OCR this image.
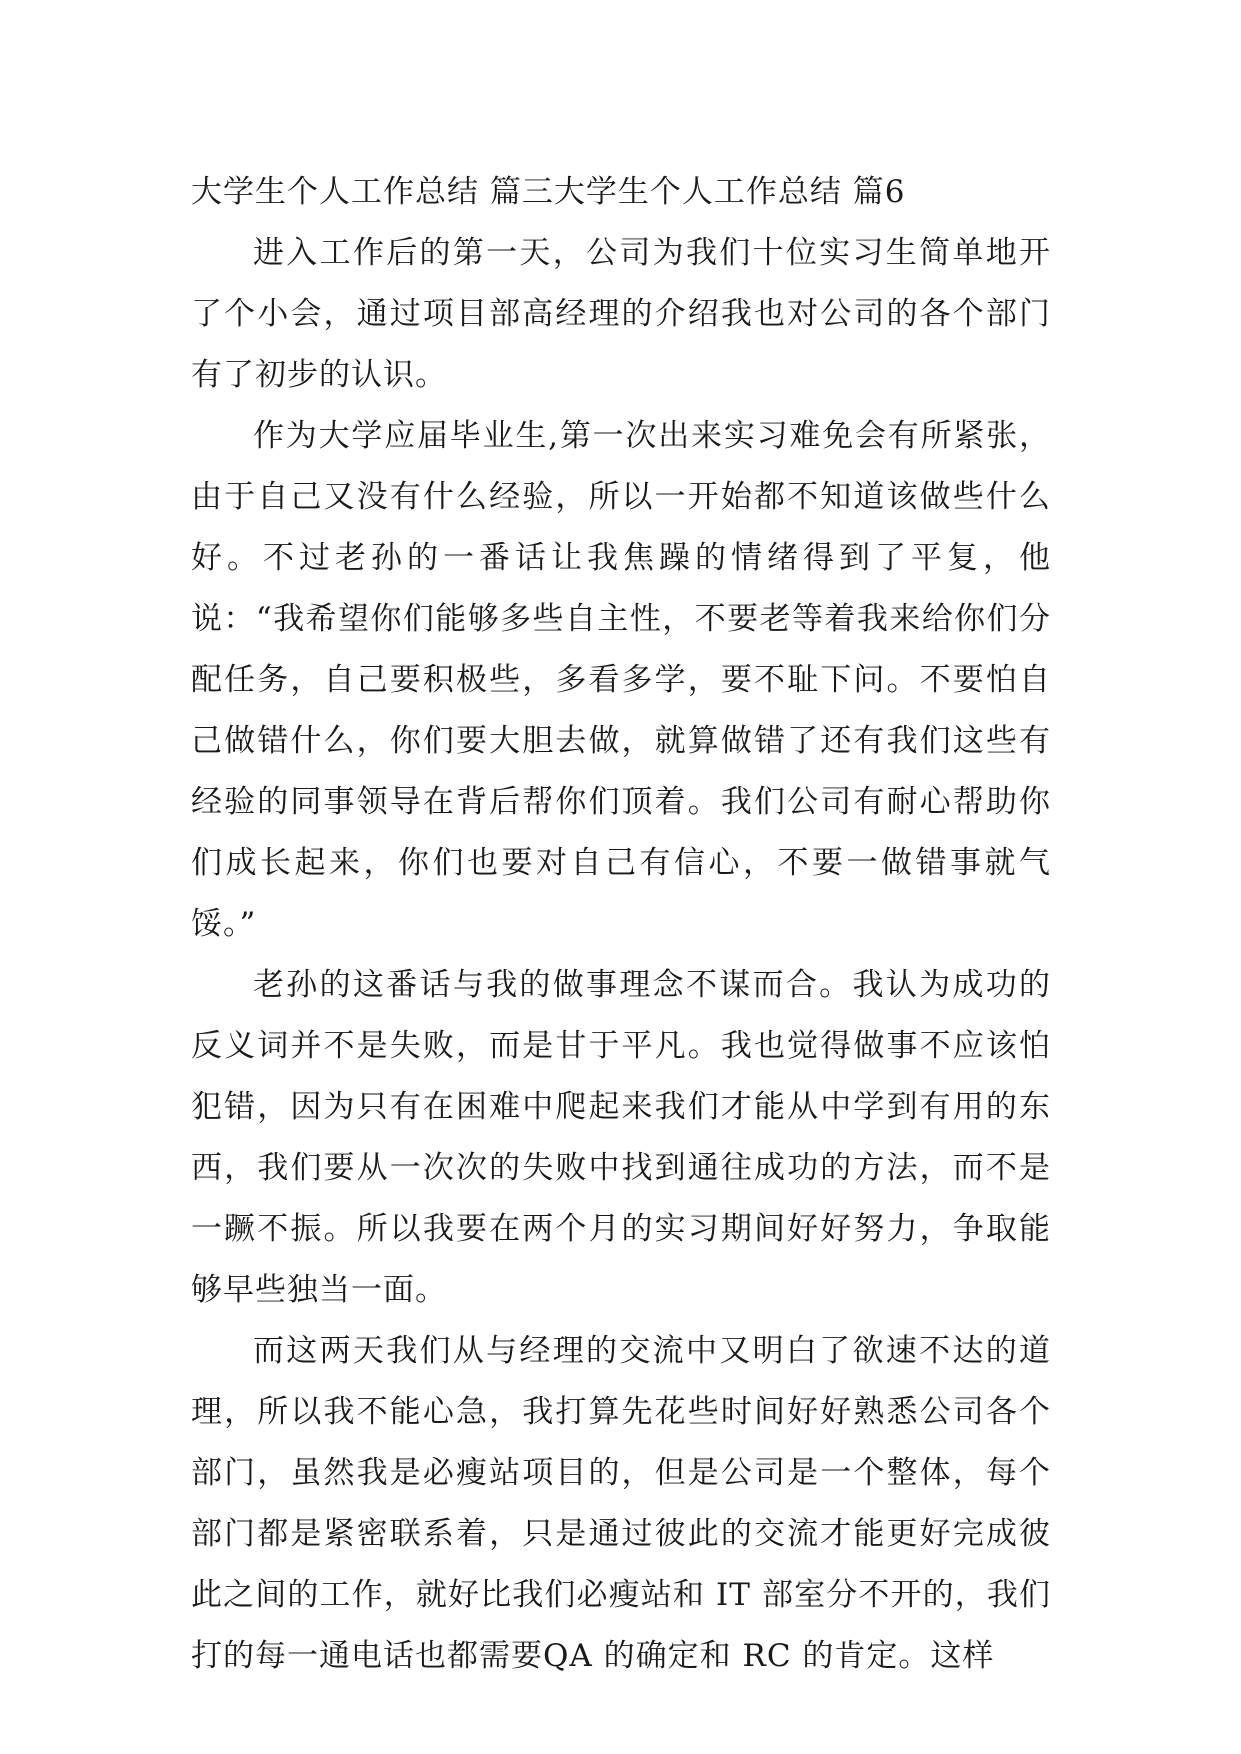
大学生个人工作总结 篇三大学生个人工作总结 篇6

进入工作后的第一天，公司为我们十位实习生简单地开了个小会，通过项目部高经理的介绍我也对公司的各个部门有了初步的认识。

作为大学应届毕业生,第一次出来实习难免会有所紧张，由于自己又没有什么经验，所以一开始都不知道该做些什么好。不过老孙的一番话让我焦躁的情绪得到了平复，他说：“我希望你们能够多些自主性，不要老等着我来给你们分配任务，自己要积极些，多看多学，要不耻下问。不要怕自己做错什么，你们要大胆去做，就算做错了还有我们这些有经验的同事领导在背后帮你们顶着。我们公司有耐心帮助你们成长起来，你们也要对自己有信心，不要一做错事就气馁。”

老孙的这番话与我的做事理念不谋而合。我认为成功的反义词并不是失败，而是甘于平凡。我也觉得做事不应该怕犯错，因为只有在困难中爬起来我们才能从中学到有用的东西，我们要从一次次的失败中找到通往成功的方法，而不是一蹶不振。所以我要在两个月的实习期间好好努力，争取能够早些独当一面。

而这两天我们从与经理的交流中又明白了欲速不达的道理，所以我不能心急，我打算先花些时间好好熟悉公司各个部门，虽然我是必瘦站项目的，但是公司是一个整体，每个部门都是紧密联系着，只是通过彼此的交流才能更好完成彼此之间的工作，就好比我们必瘦站和 IT 部室分不开的，我们打的每一通电话也都需要QA 的确定和 RC 的肯定。这样
